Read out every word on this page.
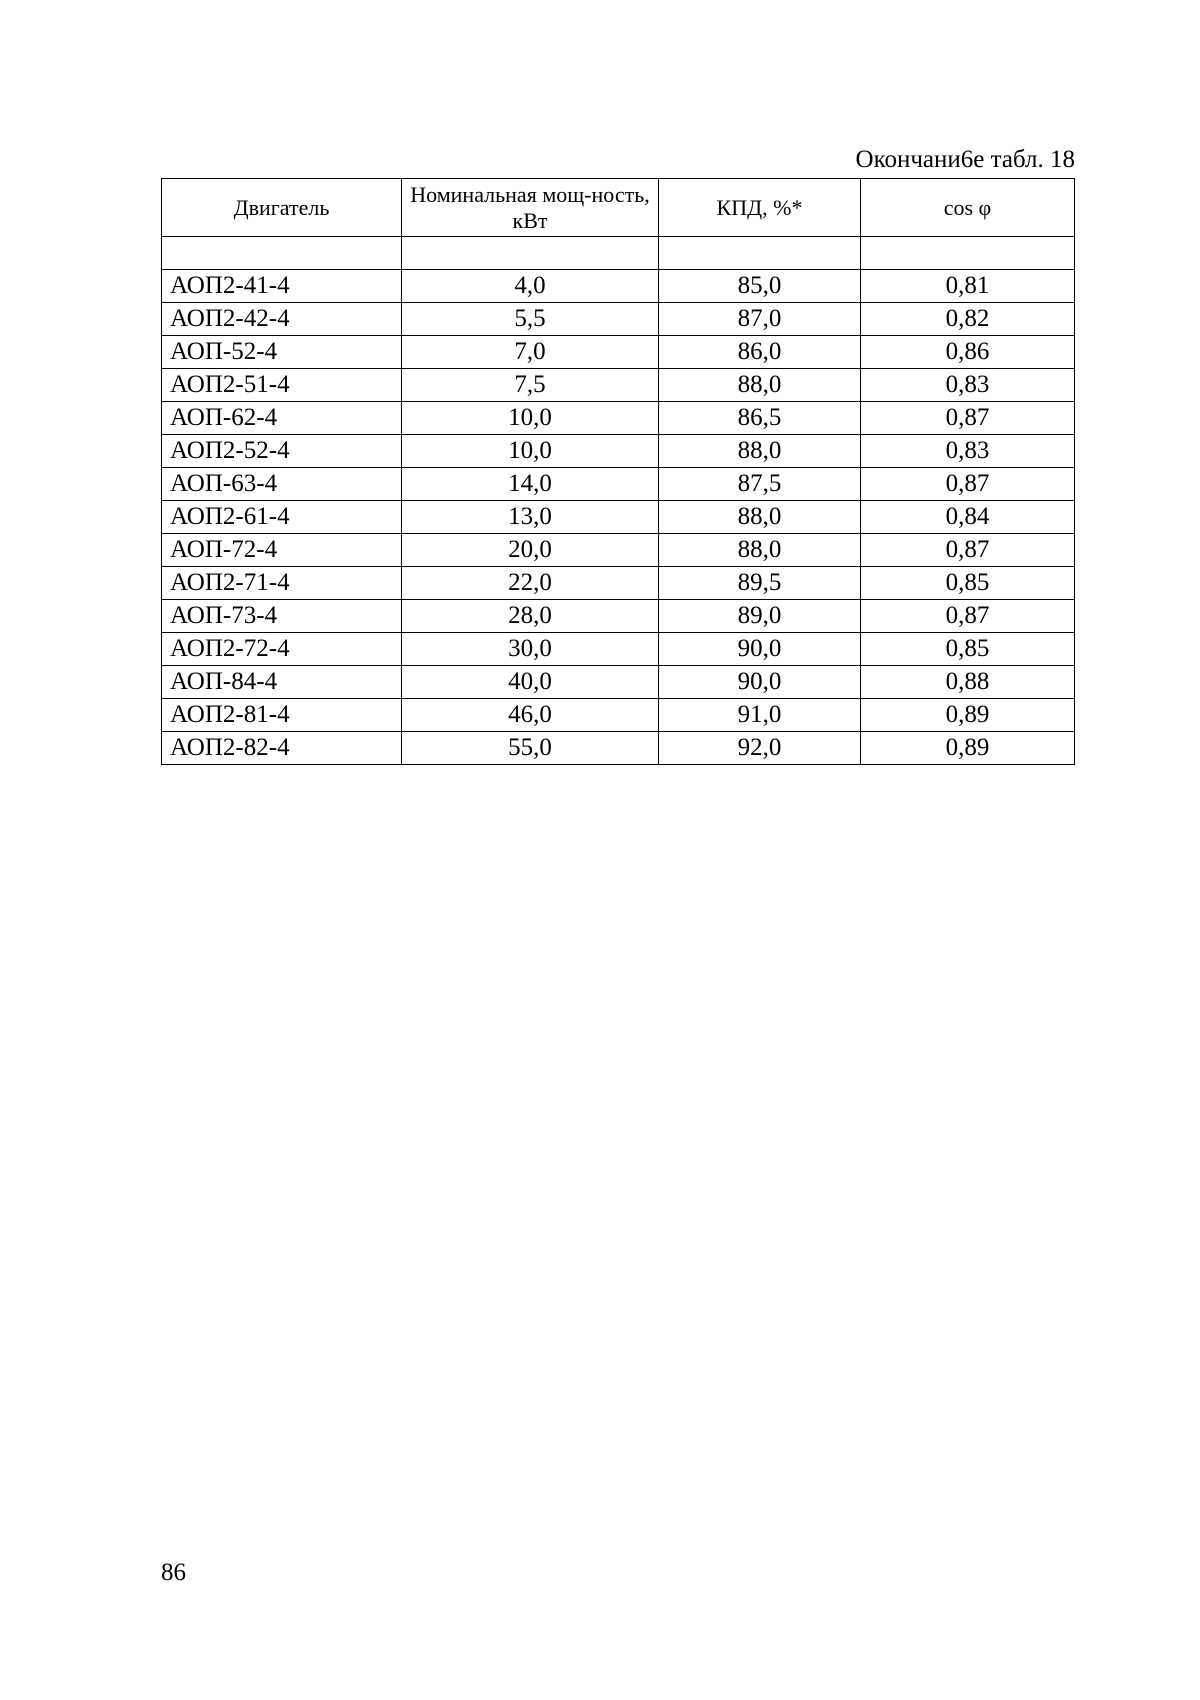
Окончани6е табл. 18
Двигатель	Номинальная мощ-ность, кВт	КПД, %*	cos φ

АОП2-41-4	4,0	85,0	0,81
АОП2-42-4	5,5	87,0	0,82
АОП-52-4	7,0	86,0	0,86
АОП2-51-4	7,5	88,0	0,83
АОП-62-4	10,0	86,5	0,87
АОП2-52-4	10,0	88,0	0,83
АОП-63-4	14,0	87,5	0,87
АОП2-61-4	13,0	88,0	0,84
АОП-72-4	20,0	88,0	0,87
АОП2-71-4	22,0	89,5	0,85
АОП-73-4	28,0	89,0	0,87
АОП2-72-4	30,0	90,0	0,85
АОП-84-4	40,0	90,0	0,88
АОП2-81-4	46,0	91,0	0,89
АОП2-82-4	55,0	92,0	0,89
86
